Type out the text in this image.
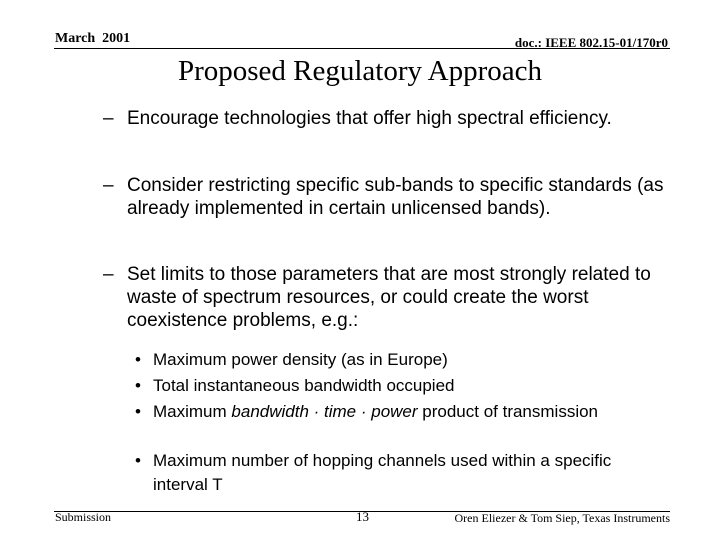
March  2001	doc.: IEEE 802.15-01/170r0
Proposed Regulatory Approach
– Encourage technologies that offer high spectral efficiency.
– Consider restricting specific sub-bands to specific standards (as already implemented in certain unlicensed bands).
– Set limits to those parameters that are most strongly related to waste of spectrum resources, or could create the worst coexistence problems, e.g.:
• Maximum power density (as in Europe)
• Total instantaneous bandwidth occupied
• Maximum bandwidth · time · power product of transmission
• Maximum number of hopping channels used within a specific interval T
Submission	13	Oren Eliezer & Tom Siep, Texas Instruments
